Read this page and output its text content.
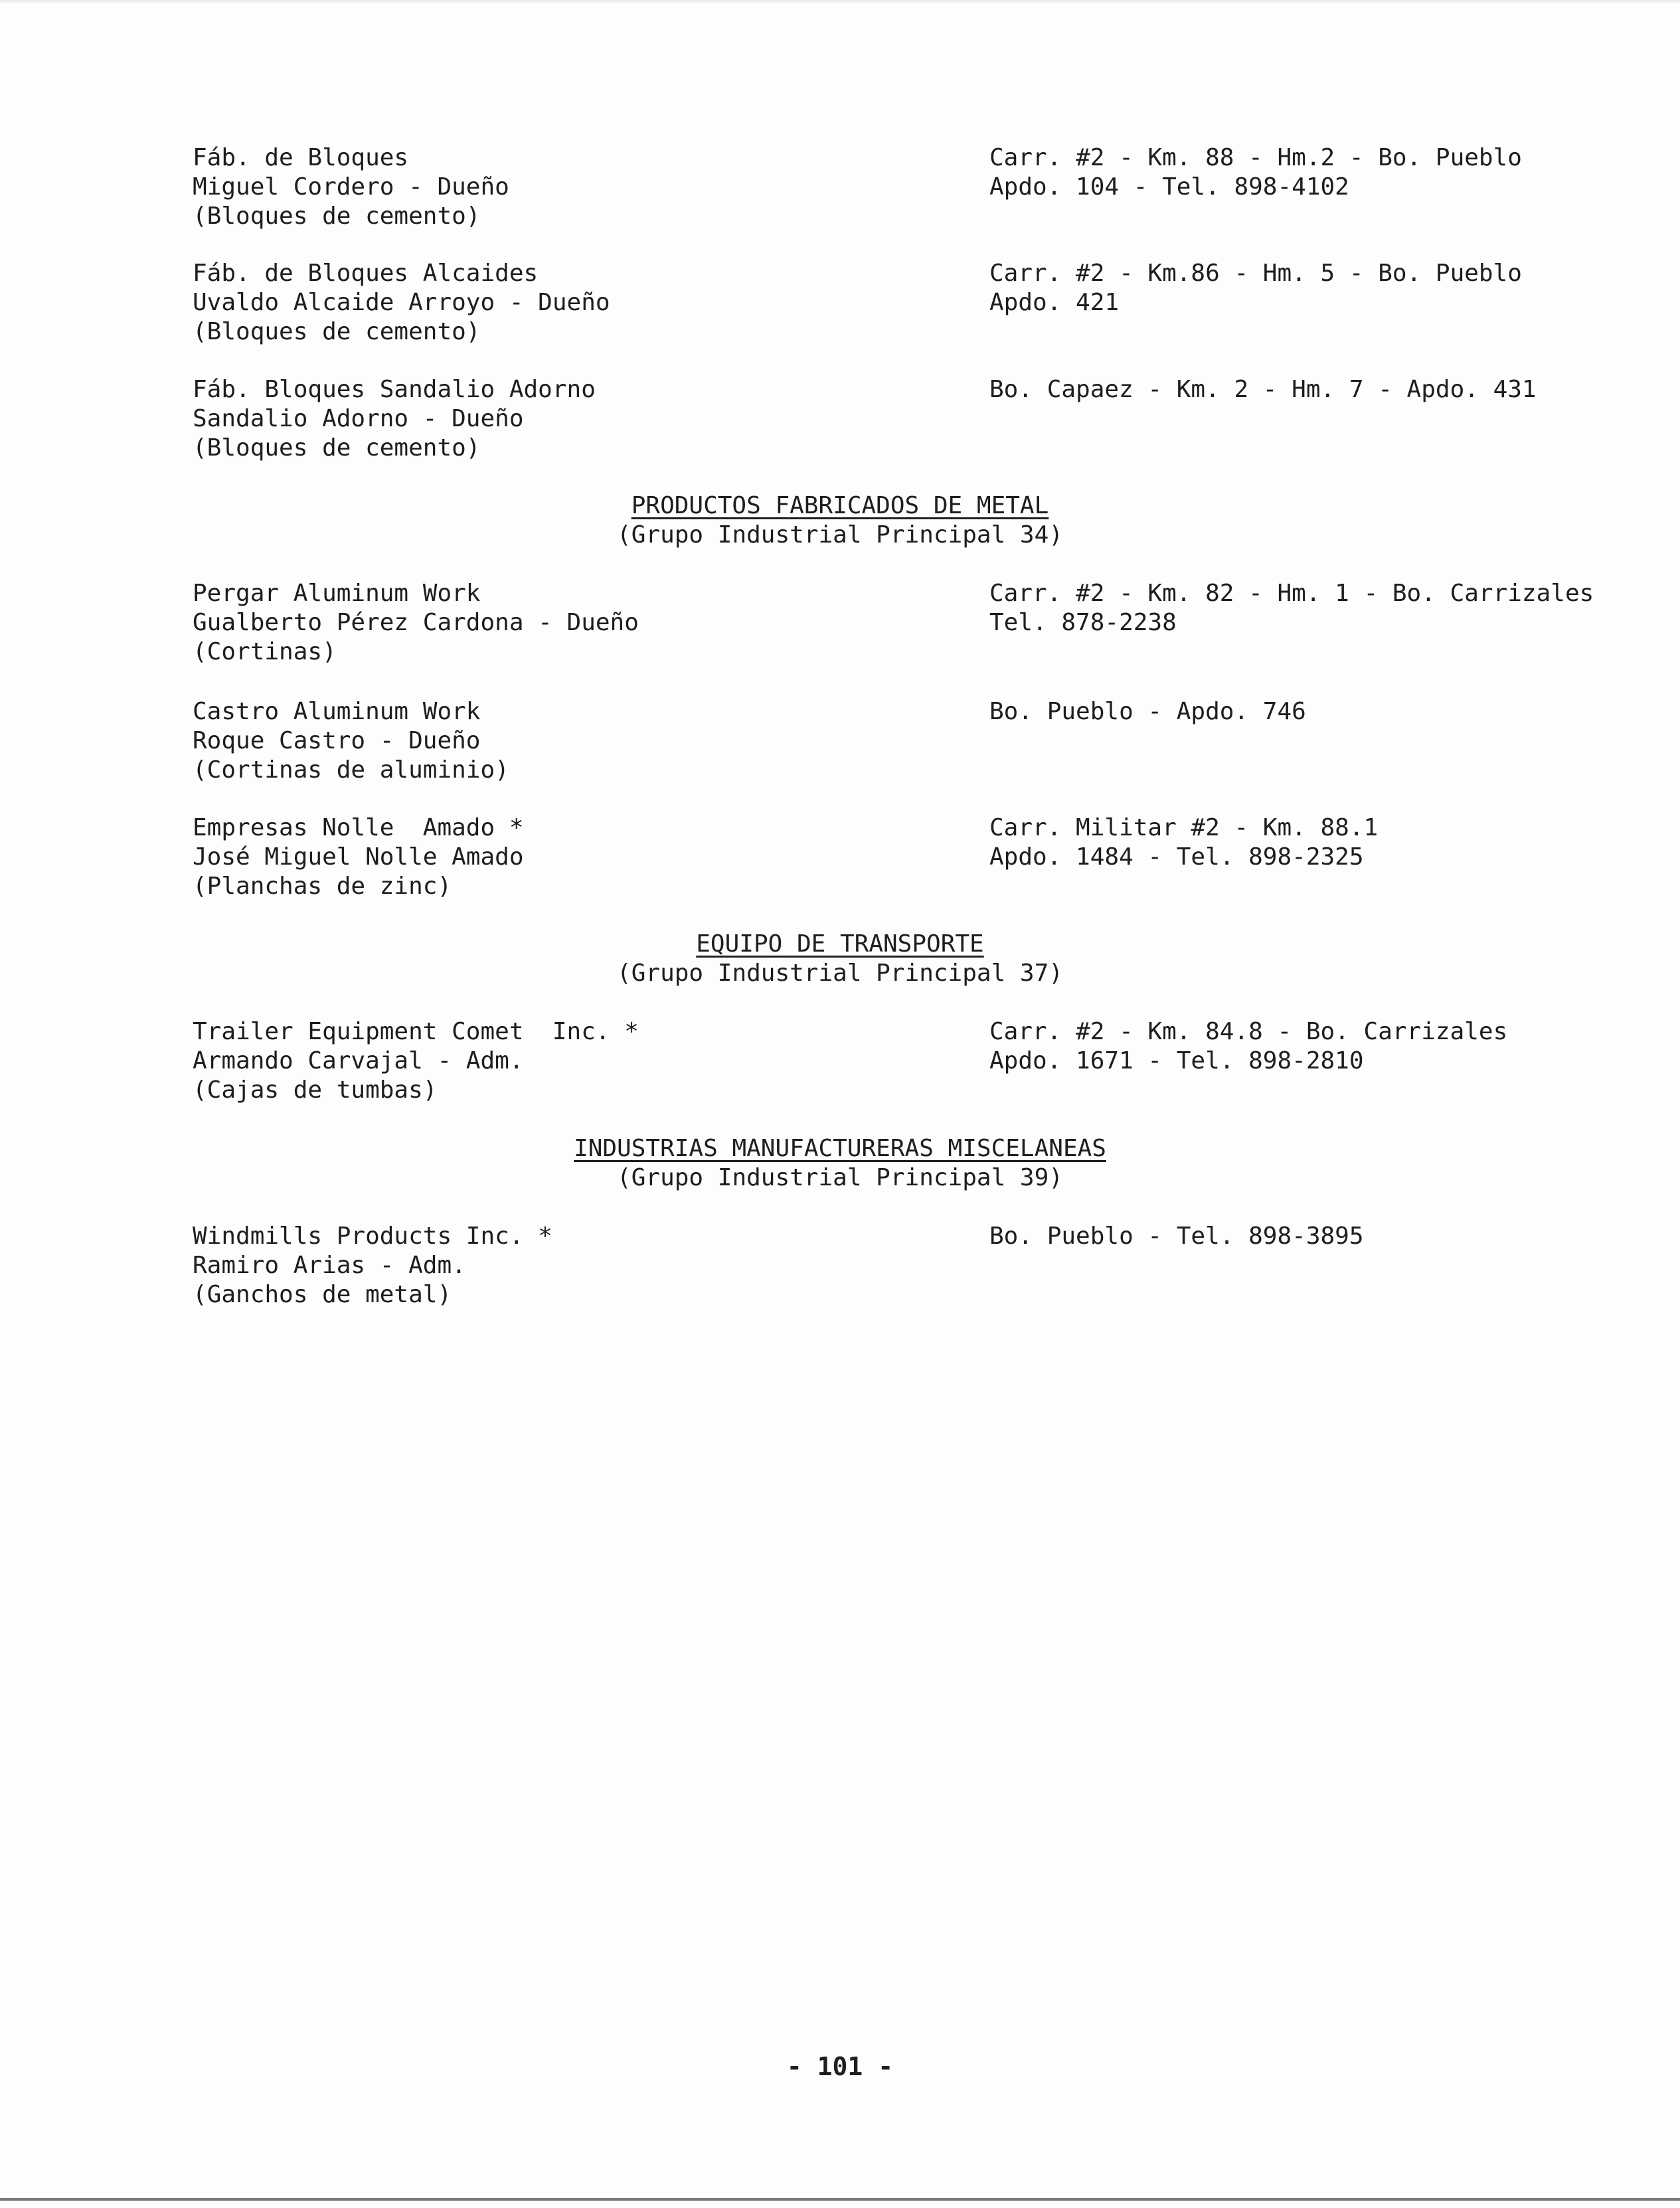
Fáb. de Bloques
Miguel Cordero - Dueño
(Bloques de cemento)
Carr. #2 - Km. 88 - Hm.2 - Bo. Pueblo
Apdo. 104 - Tel. 898-4102
Fáb. de Bloques Alcaides
Uvaldo Alcaide Arroyo - Dueño
(Bloques de cemento)
Carr. #2 - Km.86 - Hm. 5 - Bo. Pueblo
Apdo. 421
Fáb. Bloques Sandalio Adorno
Sandalio Adorno - Dueño
(Bloques de cemento)
Bo. Capaez - Km. 2 - Hm. 7 - Apdo. 431
PRODUCTOS FABRICADOS DE METAL
(Grupo Industrial Principal 34)
Pergar Aluminum Work
Gualberto Pérez Cardona - Dueño
(Cortinas)
Carr. #2 - Km. 82 - Hm. 1 - Bo. Carrizales
Tel. 878-2238
Castro Aluminum Work
Roque Castro - Dueño
(Cortinas de aluminio)
Bo. Pueblo - Apdo. 746
Empresas Nolle  Amado *
José Miguel Nolle Amado
(Planchas de zinc)
Carr. Militar #2 - Km. 88.1
Apdo. 1484 - Tel. 898-2325
EQUIPO DE TRANSPORTE
(Grupo Industrial Principal 37)
Trailer Equipment Comet  Inc. *
Armando Carvajal - Adm.
(Cajas de tumbas)
Carr. #2 - Km. 84.8 - Bo. Carrizales
Apdo. 1671 - Tel. 898-2810
INDUSTRIAS MANUFACTURERAS MISCELANEAS
(Grupo Industrial Principal 39)
Windmills Products Inc. *
Ramiro Arias - Adm.
(Ganchos de metal)
Bo. Pueblo - Tel. 898-3895
- 101 -
